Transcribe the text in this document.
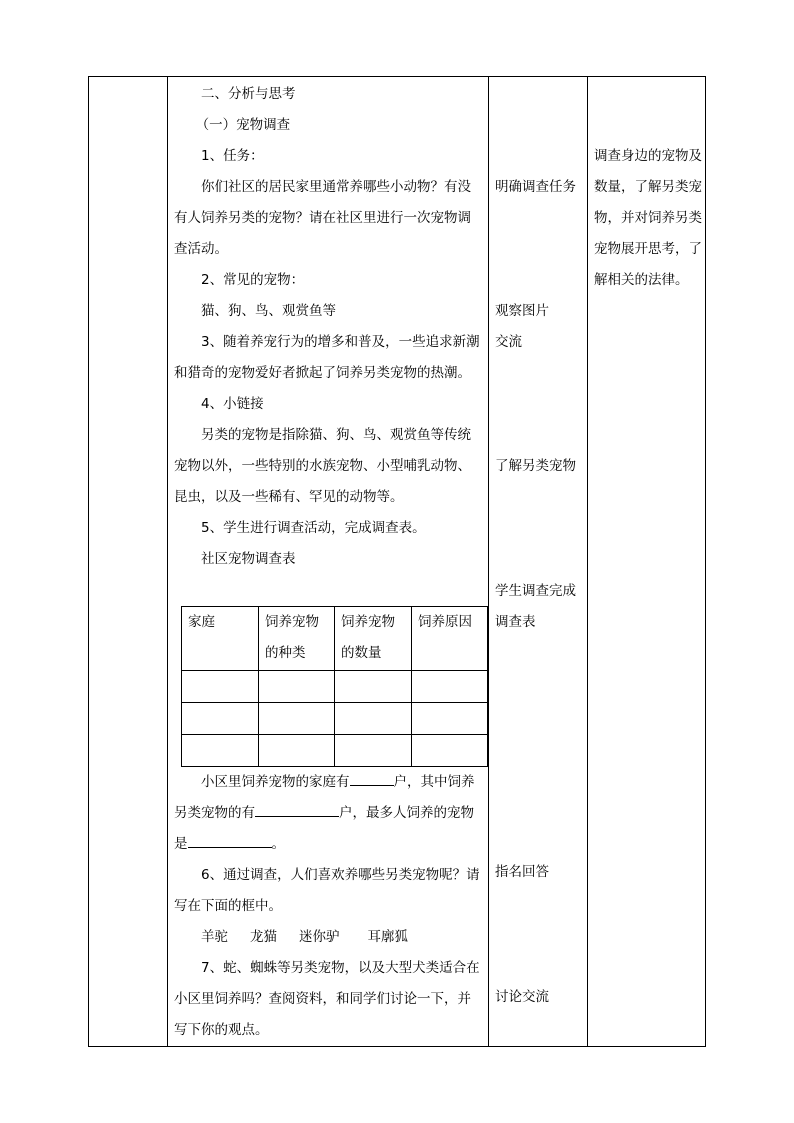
二、分析与思考

（一）宠物调查

1、任务：

你们社区的居民家里通常养哪些小动物？有没有人饲养另类的宠物？请在社区里进行一次宠物调查活动。

2、常见的宠物：

猫、狗、鸟、观赏鱼等

3、随着养宠行为的增多和普及，一些追求新潮和猎奇的宠物爱好者掀起了饲养另类宠物的热潮。

4、小链接

另类的宠物是指除猫、狗、鸟、观赏鱼等传统宠物以外，一些特别的水族宠物、小型哺乳动物、昆虫，以及一些稀有、罕见的动物等。

5、学生进行调查活动，完成调查表。

社区宠物调查表

家庭	饲养宠物的种类	饲养宠物的数量	饲养原因

小区里饲养宠物的家庭有	户，其中饲养另类宠物的有	户，最多人饲养的宠物是	。

6、通过调查，人们喜欢养哪些另类宠物呢？请写在下面的框中。

羊驼 龙猫 迷你驴 耳廓狐

7、蛇、蜘蛛等另类宠物，以及大型犬类适合在小区里饲养吗？查阅资料，和同学们讨论一下，并写下你的观点。

明确调查任务
观察图片
交流
了解另类宠物
学生调查完成
调查表
指名回答
讨论交流
调查身边的宠物及数量，了解另类宠物，并对饲养另类宠物展开思考，了解相关的法律。
